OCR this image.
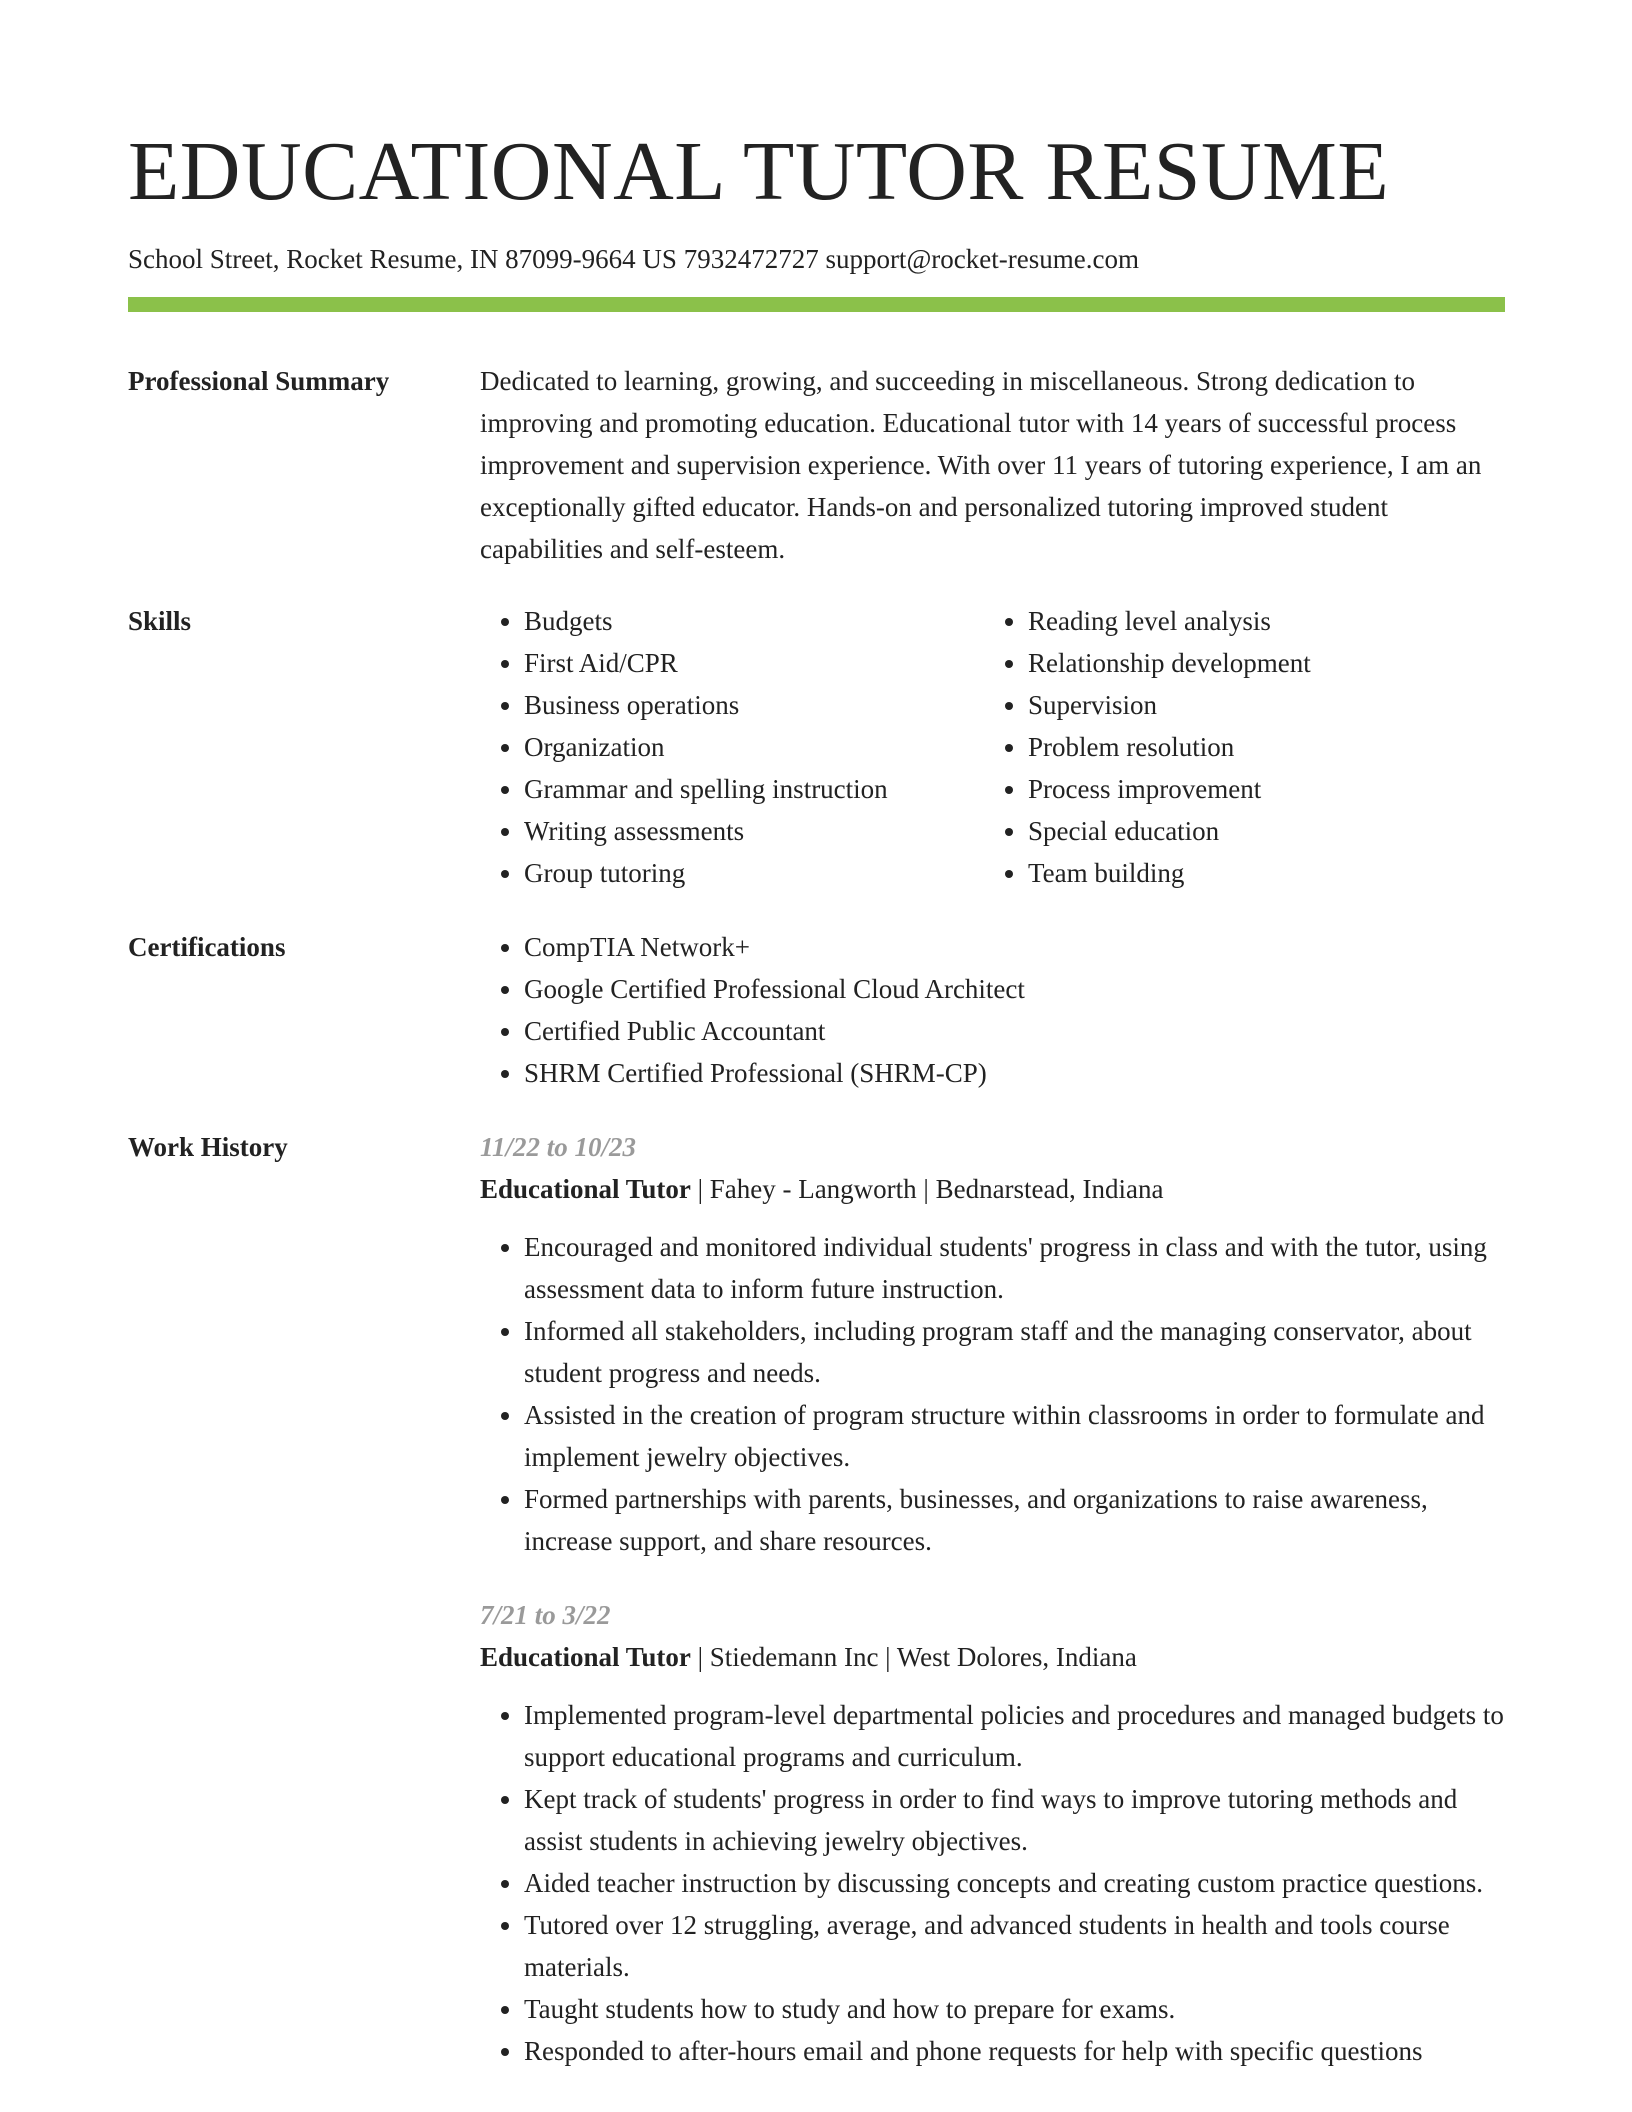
EDUCATIONAL TUTOR RESUME
School Street, Rocket Resume, IN 87099-9664 US 7932472727 support@rocket-resume.com
Professional Summary	Dedicated to learning, growing, and succeeding in miscellaneous. Strong dedication to improving and promoting education. Educational tutor with 14 years of successful process improvement and supervision experience. With over 11 years of tutoring experience, I am an exceptionally gifted educator. Hands-on and personalized tutoring improved student capabilities and self-esteem.
Skills	• Budgets
• First Aid/CPR
• Business operations
• Organization
• Grammar and spelling instruction
• Writing assessments
• Group tutoring
• Reading level analysis
• Relationship development
• Supervision
• Problem resolution
• Process improvement
• Special education
• Team building
Certifications	• CompTIA Network+
• Google Certified Professional Cloud Architect
• Certified Public Accountant
• SHRM Certified Professional (SHRM-CP)
Work History	11/22 to 10/23
Educational Tutor | Fahey - Langworth | Bednarstead, Indiana
• Encouraged and monitored individual students' progress in class and with the tutor, using assessment data to inform future instruction.
• Informed all stakeholders, including program staff and the managing conservator, about student progress and needs.
• Assisted in the creation of program structure within classrooms in order to formulate and implement jewelry objectives.
• Formed partnerships with parents, businesses, and organizations to raise awareness, increase support, and share resources.
7/21 to 3/22
Educational Tutor | Stiedemann Inc | West Dolores, Indiana
• Implemented program-level departmental policies and procedures and managed budgets to support educational programs and curriculum.
• Kept track of students' progress in order to find ways to improve tutoring methods and assist students in achieving jewelry objectives.
• Aided teacher instruction by discussing concepts and creating custom practice questions.
• Tutored over 12 struggling, average, and advanced students in health and tools course materials.
• Taught students how to study and how to prepare for exams.
• Responded to after-hours email and phone requests for help with specific questions
